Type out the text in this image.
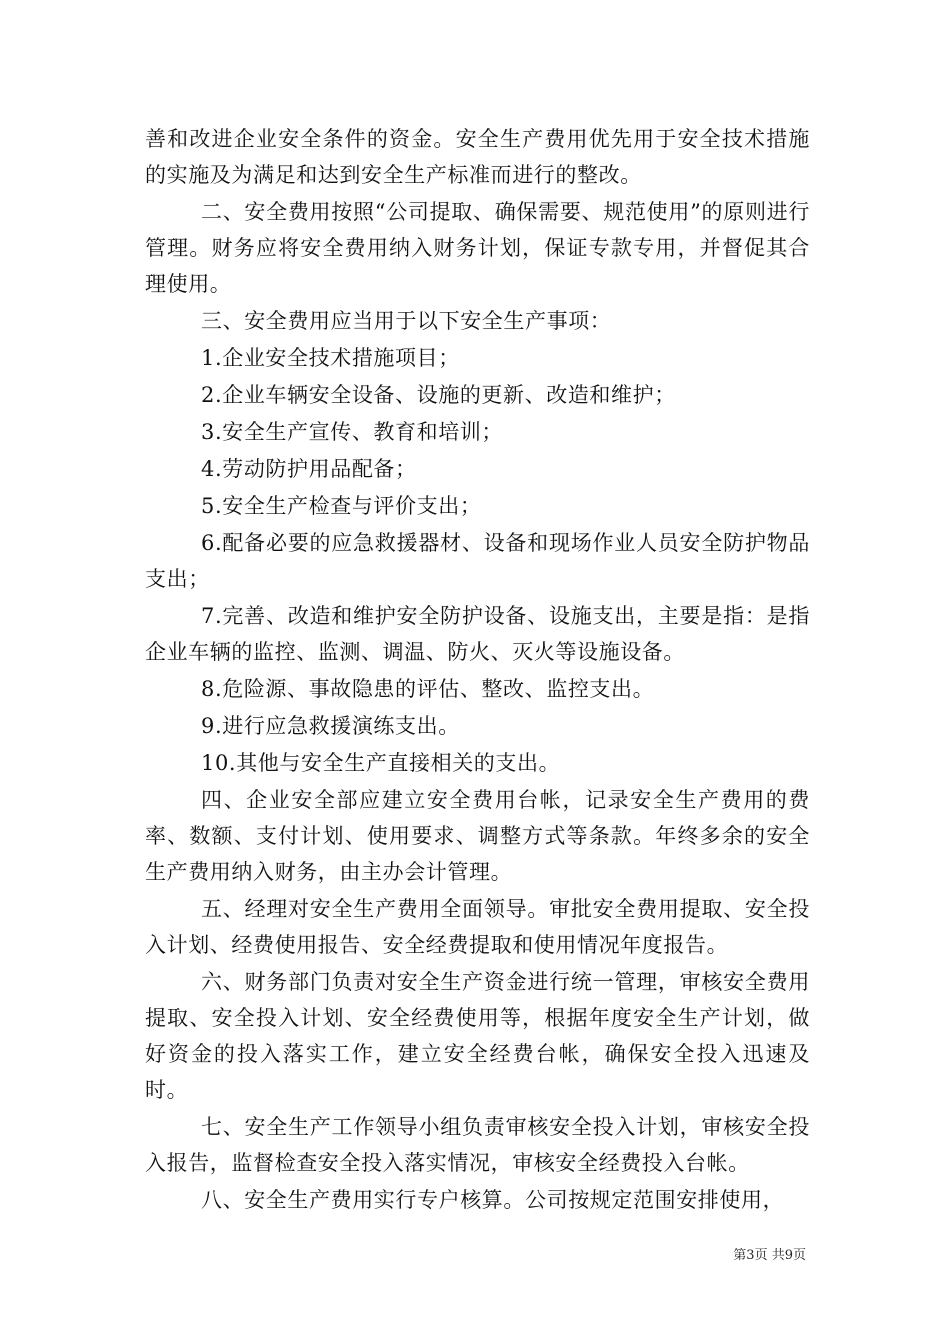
善和改进企业安全条件的资金。安全生产费用优先用于安全技术措施的实施及为满足和达到安全生产标准而进行的整改。

二、安全费用按照“公司提取、确保需要、规范使用”的原则进行管理。财务应将安全费用纳入财务计划，保证专款专用，并督促其合理使用。

三、安全费用应当用于以下安全生产事项：

1.企业安全技术措施项目；

2.企业车辆安全设备、设施的更新、改造和维护；

3.安全生产宣传、教育和培训；

4.劳动防护用品配备；

5.安全生产检查与评价支出；

6.配备必要的应急救援器材、设备和现场作业人员安全防护物品支出；

7.完善、改造和维护安全防护设备、设施支出，主要是指：是指企业车辆的监控、监测、调温、防火、灭火等设施设备。

8.危险源、事故隐患的评估、整改、监控支出。

9.进行应急救援演练支出。

10.其他与安全生产直接相关的支出。

四、企业安全部应建立安全费用台帐，记录安全生产费用的费率、数额、支付计划、使用要求、调整方式等条款。年终多余的安全生产费用纳入财务，由主办会计管理。

五、经理对安全生产费用全面领导。审批安全费用提取、安全投入计划、经费使用报告、安全经费提取和使用情况年度报告。

六、财务部门负责对安全生产资金进行统一管理，审核安全费用提取、安全投入计划、安全经费使用等，根据年度安全生产计划，做好资金的投入落实工作，建立安全经费台帐，确保安全投入迅速及时。

七、安全生产工作领导小组负责审核安全投入计划，审核安全投入报告，监督检查安全投入落实情况，审核安全经费投入台帐。

八、安全生产费用实行专户核算。公司按规定范围安排使用，

第3页 共9页
